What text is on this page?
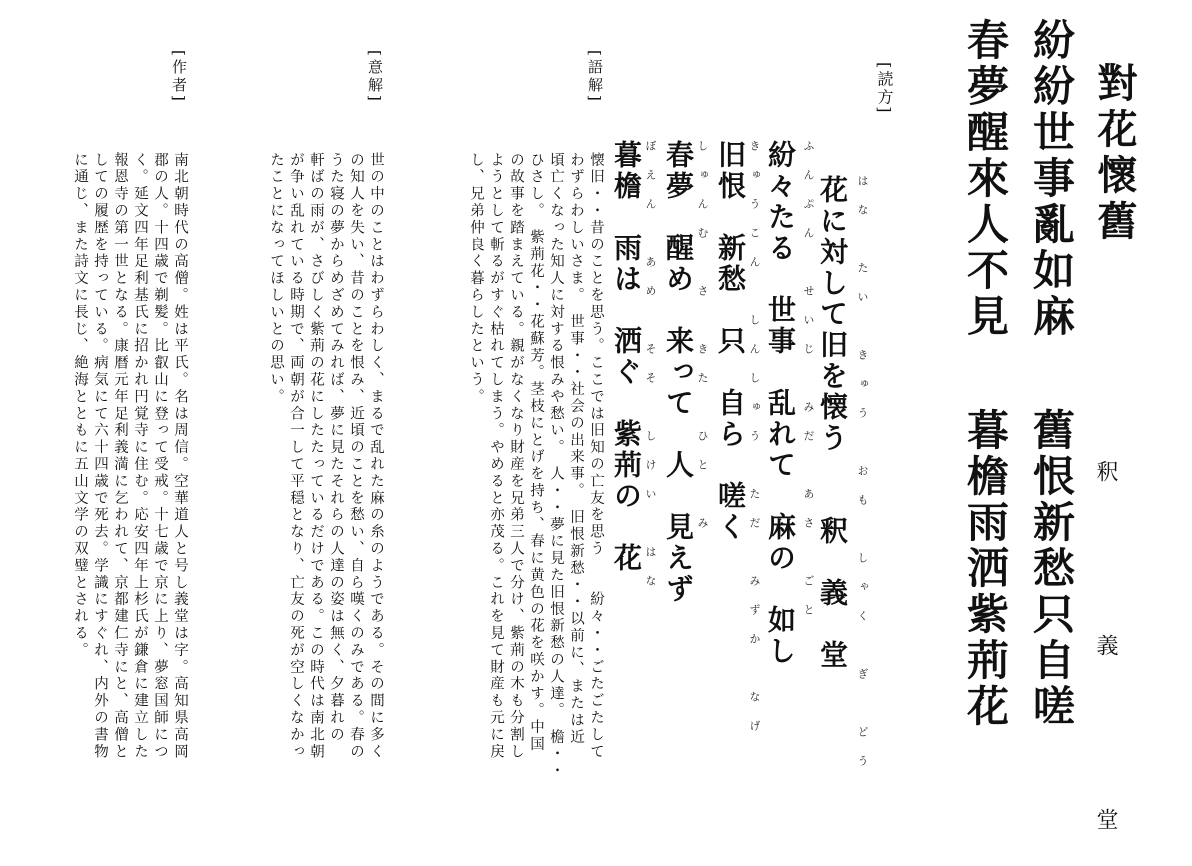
對花懷舊
釈　　義　　堂
紛紛世事亂如麻
舊恨新愁只自嗟
春夢醒來人不見
暮檐雨洒紫荊花
[読方]
はな　たい　きゅう　おも　しゃく　ぎ　どう
花に対して旧を懐う　　釈　義　堂
ふんぷん　せいじ　みだ　あさ　ごと
紛々たる　世事　乱れて　麻の　如し
きゅうこん　しんしゅう　ただ　みずか　なげ
旧恨　新愁　只　自ら　嗟く
しゅんむ　さ　きた　ひと　み
春夢　醒め　来って　人　見えず
ぼえん　あめ　そそ　しけい　はな
暮檐　雨は　洒ぐ　紫荊の　花
[語解]
懐旧・・昔のことを思う。ここでは旧知の亡友を思う　　紛々・・ごたごたして
わずらわしいさま。　世事・・社会の出来事。　旧恨新愁・・以前に、または近
頃亡くなった知人に対する恨みや愁い。　人・・夢に見た旧恨新愁の人達。　檐・・
ひさし。　紫荊花・・花蘇芳。茎枝にとげを持ち、春に黄色の花を咲かす。中国
の故事を踏まえている。親がなくなり財産を兄弟三人で分け、紫荊の木も分割し
ようとして斬るがすぐ枯れてしまう。やめると亦茂る。これを見て財産も元に戻
し、兄弟仲良く暮らしたという。
[意解]
世の中のことはわずらわしく、まるで乱れた麻の糸のようである。その間に多く
の知人を失い、昔のことを恨み、近頃のことを愁い、自ら嘆くのみである。春の
うた寝の夢からめざめてみれば、夢に見たそれらの人達の姿は無く、夕暮れの
軒ばの雨が、さびしく紫荊の花にしたたっているだけである。この時代は南北朝
が争い乱れている時期で、両朝が合一して平穏となり、亡友の死が空しくなかっ
たことになってほしいとの思い。
[作者]
南北朝時代の高僧。姓は平氏。名は周信。空華道人と号し義堂は字。高知県高岡
郡の人。十四歳で剃髪。比叡山に登って受戒。十七歳で京に上り、夢窓国師につ
く。延文四年足利基氏に招かれ円覚寺に住む。応安四年上杉氏が鎌倉に建立した
報恩寺の第一世となる。康暦元年足利義満に乞われて、京都建仁寺にと、高僧と
しての履歴を持っている。病気にて六十四歳で死去。学識にすぐれ、内外の書物
に通じ、また詩文に長じ、絶海とともに五山文学の双璧とされる。
